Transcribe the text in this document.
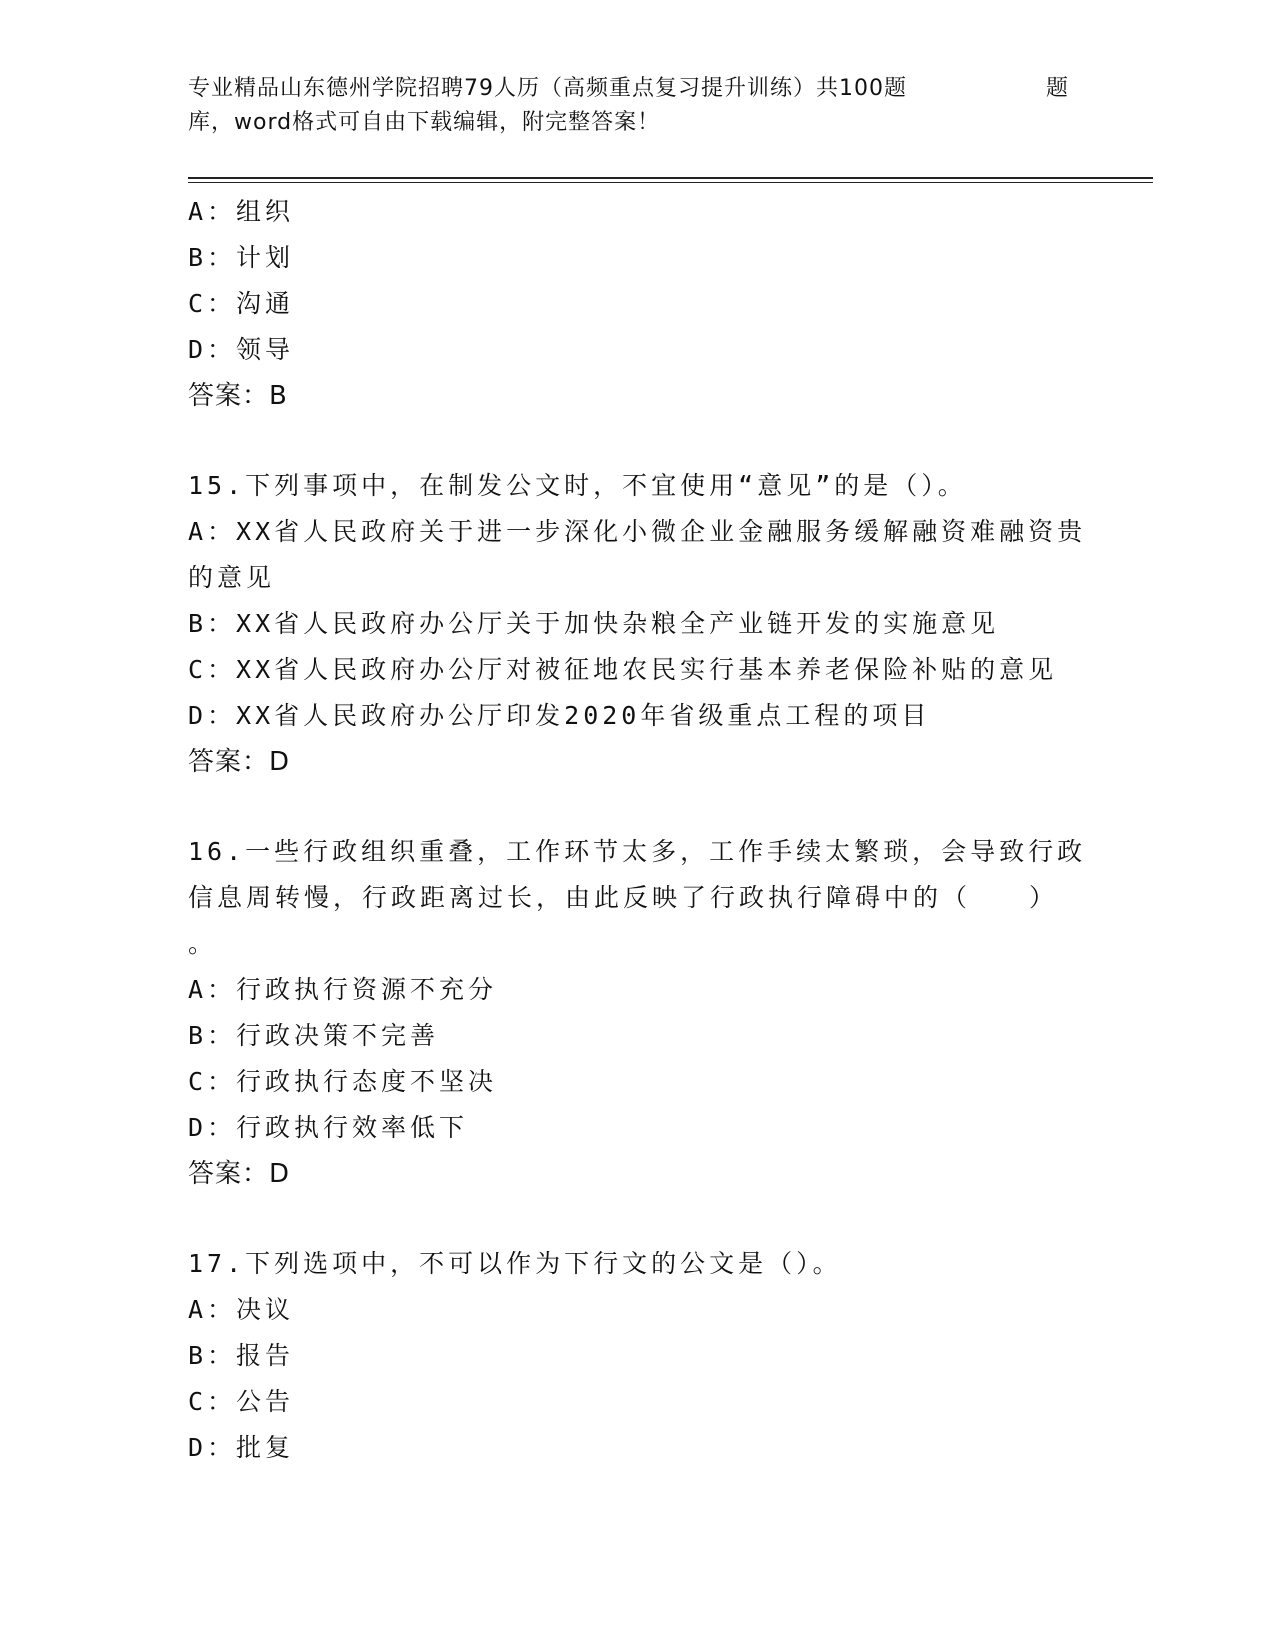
专业精品山东德州学院招聘79人历（高频重点复习提升训练）共100题	题
库，word格式可自由下载编辑，附完整答案！
A：组织
B：计划
C：沟通
D：领导
答案：B
15.下列事项中，在制发公文时，不宜使用“意见”的是（）。
A：XX省人民政府关于进一步深化小微企业金融服务缓解融资难融资贵
的意见
B：XX省人民政府办公厅关于加快杂粮全产业链开发的实施意见
C：XX省人民政府办公厅对被征地农民实行基本养老保险补贴的意见
D：XX省人民政府办公厅印发2020年省级重点工程的项目
答案：D
16.一些行政组织重叠，工作环节太多，工作手续太繁琐，会导致行政
信息周转慢，行政距离过长，由此反映了行政执行障碍中的（　　）
。
A：行政执行资源不充分
B：行政决策不完善
C：行政执行态度不坚决
D：行政执行效率低下
答案：D
17.下列选项中，不可以作为下行文的公文是（）。
A：决议
B：报告
C：公告
D：批复
